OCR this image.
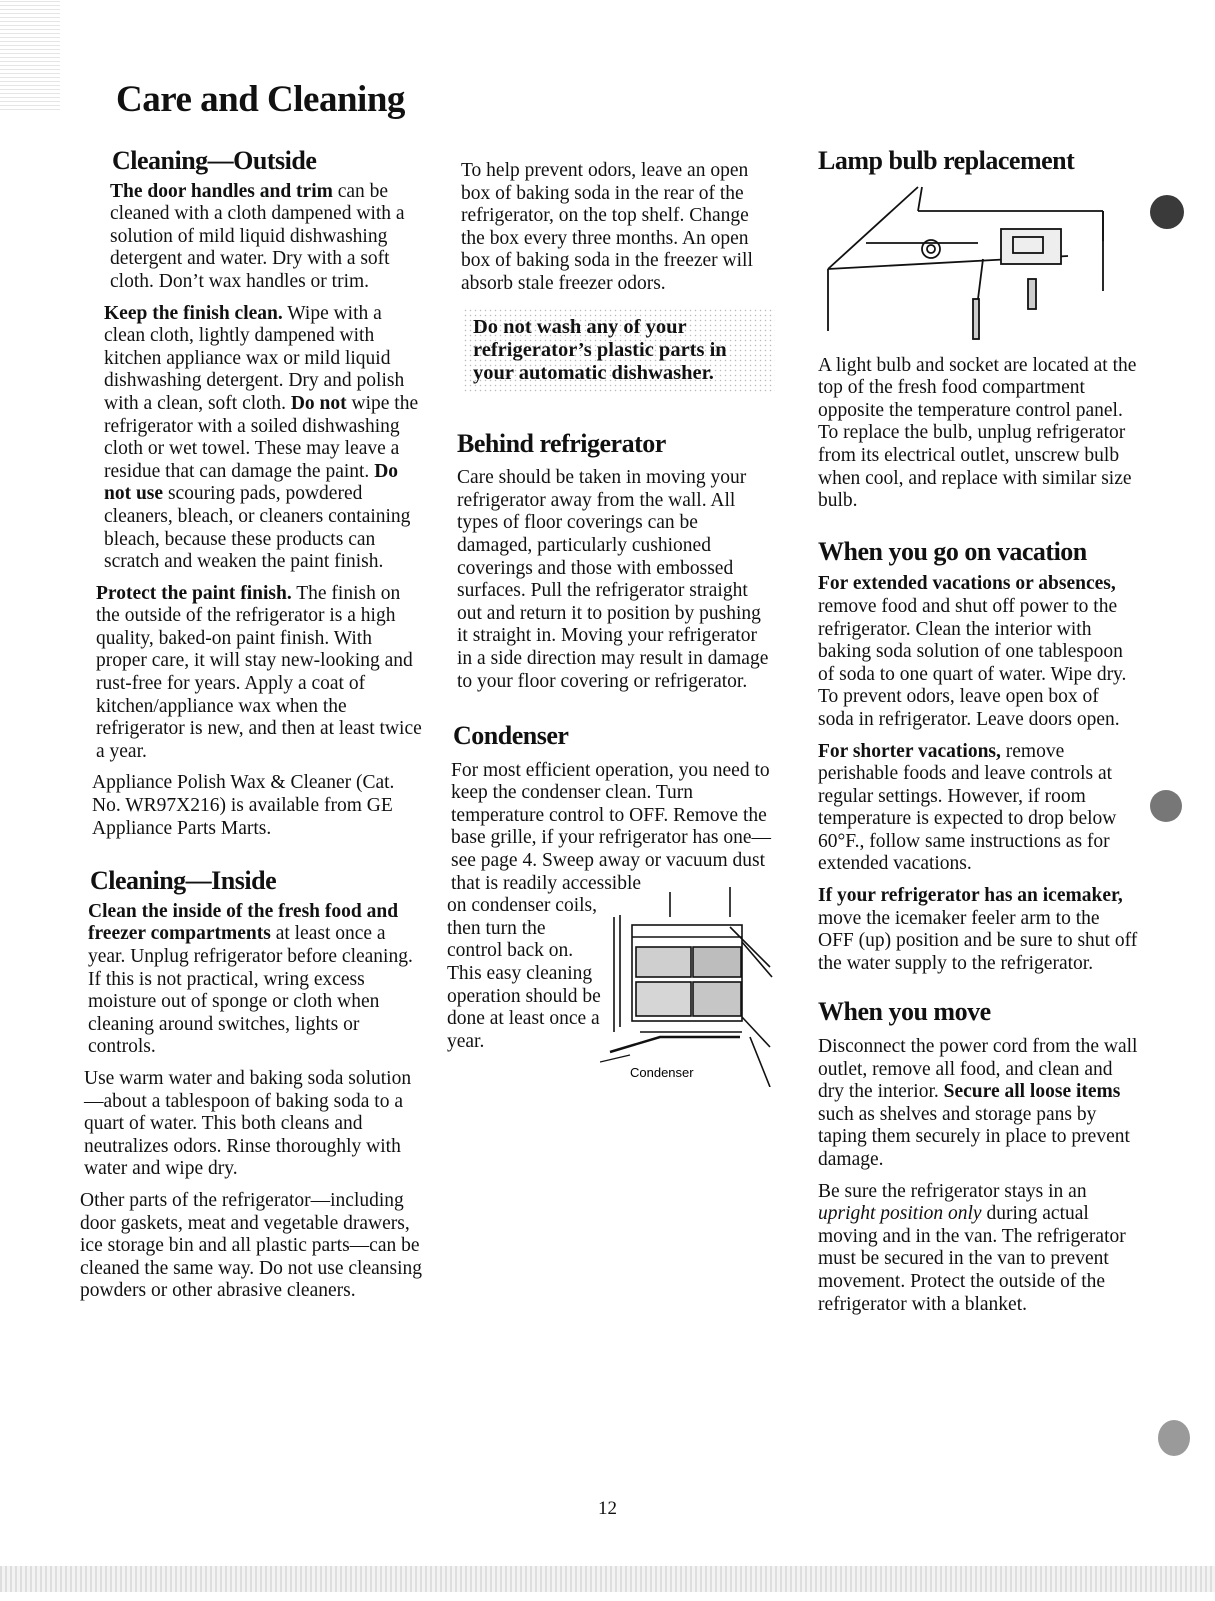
Care and Cleaning
Cleaning—Outside

The door handles and trim can be cleaned with a cloth dampened with a solution of mild liquid dishwashing detergent and water. Dry with a soft cloth. Don’t wax handles or trim.

Keep the finish clean. Wipe with a clean cloth, lightly dampened with kitchen appliance wax or mild liquid dishwashing detergent. Dry and polish with a clean, soft cloth. Do not wipe the refrigerator with a soiled dishwashing cloth or wet towel. These may leave a residue that can damage the paint. Do not use scouring pads, powdered cleaners, bleach, or cleaners containing bleach, because these products can scratch and weaken the paint finish.

Protect the paint finish. The finish on the outside of the refrigerator is a high quality, baked-on paint finish. With proper care, it will stay new-looking and rust-free for years. Apply a coat of kitchen/appliance wax when the refrigerator is new, and then at least twice a year.

Appliance Polish Wax & Cleaner (Cat. No. WR97X216) is available from GE Appliance Parts Marts.

Cleaning—Inside

Clean the inside of the fresh food and freezer compartments at least once a year. Unplug refrigerator before cleaning. If this is not practical, wring excess moisture out of sponge or cloth when cleaning around switches, lights or controls.

Use warm water and baking soda solution—about a tablespoon of baking soda to a quart of water. This both cleans and neutralizes odors. Rinse thoroughly with water and wipe dry.

Other parts of the refrigerator—including door gaskets, meat and vegetable drawers, ice storage bin and all plastic parts—can be cleaned the same way. Do not use cleansing powders or other abrasive cleaners.

To help prevent odors, leave an open box of baking soda in the rear of the refrigerator, on the top shelf. Change the box every three months. An open box of baking soda in the freezer will absorb stale freezer odors.

Do not wash any of your refrigerator’s plastic parts in your automatic dishwasher.
Behind refrigerator

Care should be taken in moving your refrigerator away from the wall. All types of floor coverings can be damaged, particularly cushioned coverings and those with embossed surfaces. Pull the refrigerator straight out and return it to position by pushing it straight in. Moving your refrigerator in a side direction may result in damage to your floor covering or refrigerator.

Condenser

For most efficient operation, you need to keep the condenser clean. Turn temperature control to OFF. Remove the base grille, if your refrigerator has one—see page 4. Sweep away or vacuum dust that is readily accessible

on condenser coils, then turn the control back on. This easy cleaning operation should be done at least once a year.

Condenser
Lamp bulb replacement

A light bulb and socket are located at the top of the fresh food compartment opposite the temperature control panel. To replace the bulb, unplug refrigerator from its electrical outlet, unscrew bulb when cool, and replace with similar size bulb.

When you go on vacation

For extended vacations or absences, remove food and shut off power to the refrigerator. Clean the interior with baking soda solution of one tablespoon of soda to one quart of water. Wipe dry. To prevent odors, leave open box of soda in refrigerator. Leave doors open.

For shorter vacations, remove perishable foods and leave controls at regular settings. However, if room temperature is expected to drop below 60°F., follow same instructions as for extended vacations.

If your refrigerator has an icemaker, move the icemaker feeler arm to the OFF (up) position and be sure to shut off the water supply to the refrigerator.

When you move

Disconnect the power cord from the wall outlet, remove all food, and clean and dry the interior. Secure all loose items such as shelves and storage pans by taping them securely in place to prevent damage.

Be sure the refrigerator stays in an upright position only during actual moving and in the van. The refrigerator must be secured in the van to prevent movement. Protect the outside of the refrigerator with a blanket.

12
